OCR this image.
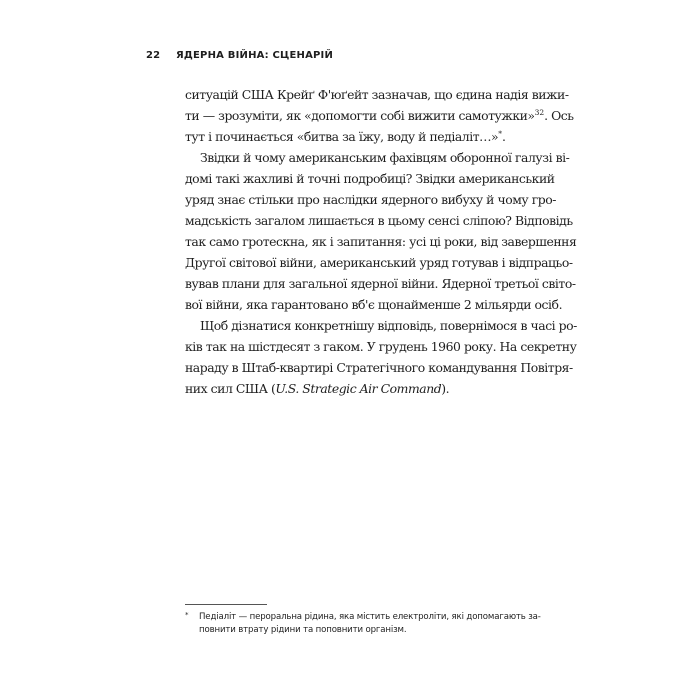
22 ЯДЕРНА ВІЙНА: СЦЕНАРІЙ
ситуацій США Крейґ Ф'юґейт зазначав, що єдина надія вижи-
ти — зрозуміти, як «допомогти собі вижити самотужки»$^{32}$. Ось
тут і починається «битва за їжу, воду й педіаліт…»*.
Звідки й чому американським фахівцям оборонної галузі ві-
домі такі жахливі й точні подробиці? Звідки американський
уряд знає стільки про наслідки ядерного вибуху й чому гро-
мадськість загалом лишається в цьому сенсі сліпою? Відповідь
так само гротескна, як і запитання: усі ці роки, від завершення
Другої світової війни, американський уряд готував і відпрацьо-
вував плани для загальної ядерної війни. Ядерної третьої світо-
вої війни, яка гарантовано вб'є щонайменше 2 мільярди осіб.
Щоб дізнатися конкретнішу відповідь, повернімося в часі ро-
ків так на шістдесят з гаком. У грудень 1960 року. На секретну
нараду в Штаб-квартирі Стратегічного командування Повітря-
них сил США (U.S. Strategic Air Command).
*	Педіаліт — пероральна рідина, яка містить електроліти, які допомагають за-
повнити втрату рідини та поповнити організм.
